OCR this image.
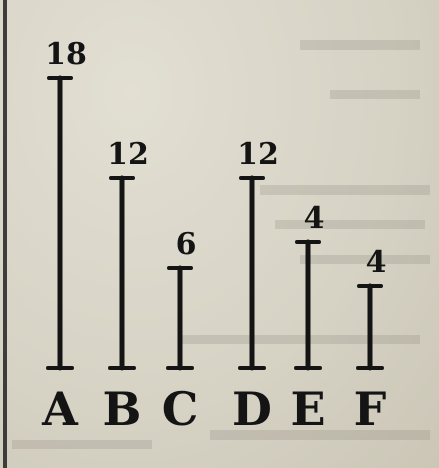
18
A
12
B
6
C
12
D
4
E
4
F
